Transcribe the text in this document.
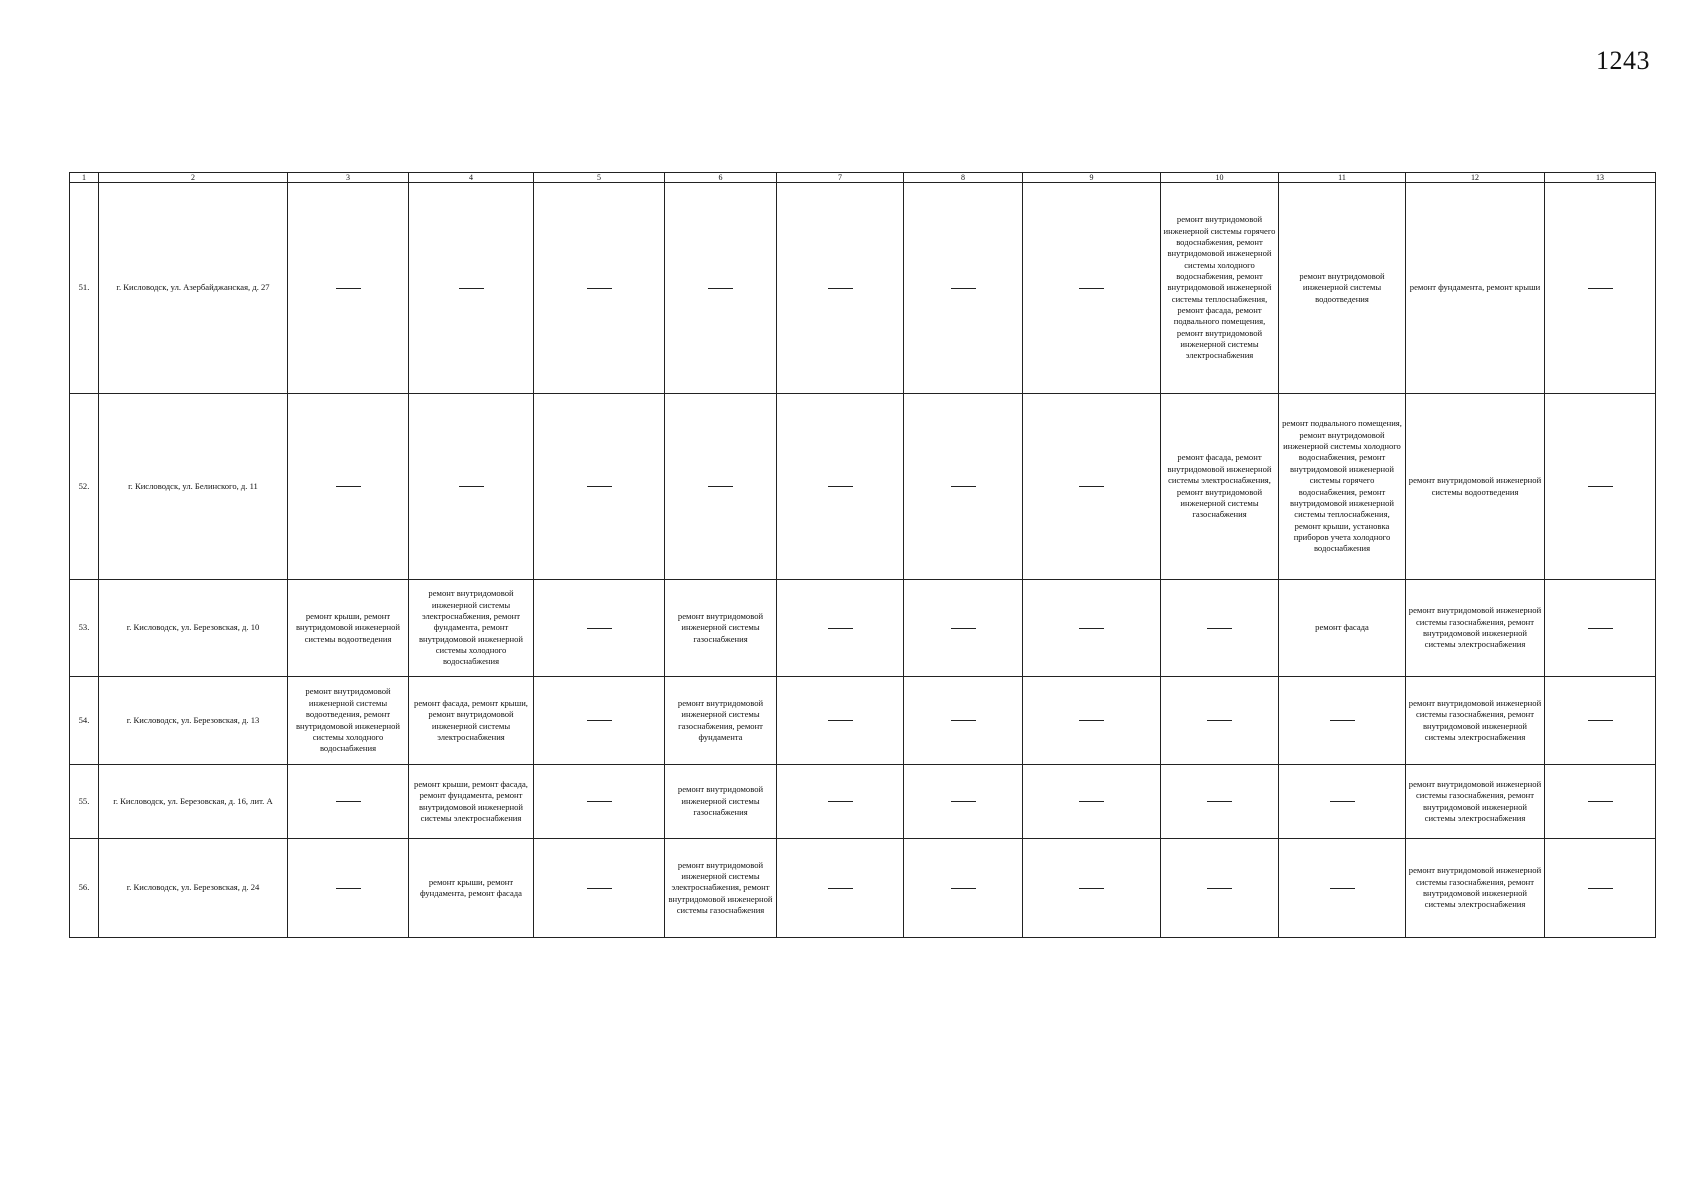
1243
1	2	3	4	5	6	7	8	9	10	11	12	13
51.	г. Кисловодск, ул. Азербайджанская, д. 27								ремонт внутридомовой инженерной системы горячего водоснабжения, ремонт внутридомовой инженерной системы холодного водоснабжения, ремонт внутридомовой инженерной системы теплоснабжения, ремонт фасада, ремонт подвального помещения, ремонт внутридомовой инженерной системы электроснабжения	ремонт внутридомовой инженерной системы водоотведения	ремонт фундамента, ремонт крыши	
52.	г. Кисловодск, ул. Белинского, д. 11								ремонт фасада, ремонт внутридомовой инженерной системы электроснабжения, ремонт внутридомовой инженерной системы газоснабжения	ремонт подвального помещения, ремонт внутридомовой инженерной системы холодного водоснабжения, ремонт внутридомовой инженерной системы горячего водоснабжения, ремонт внутридомовой инженерной системы теплоснабжения, ремонт крыши, установка приборов учета холодного водоснабжения	ремонт внутридомовой инженерной системы водоотведения	
53.	г. Кисловодск, ул. Березовская, д. 10	ремонт крыши, ремонт внутридомовой инженерной системы водоотведения	ремонт внутридомовой инженерной системы электроснабжения, ремонт фундамента, ремонт внутридомовой инженерной системы холодного водоснабжения		ремонт внутридомовой инженерной системы газоснабжения					ремонт фасада	ремонт внутридомовой инженерной системы газоснабжения, ремонт внутридомовой инженерной системы электроснабжения	
54.	г. Кисловодск, ул. Березовская, д. 13	ремонт внутридомовой инженерной системы водоотведения, ремонт внутридомовой инженерной системы холодного водоснабжения	ремонт фасада, ремонт крыши, ремонт внутридомовой инженерной системы электроснабжения		ремонт внутридомовой инженерной системы газоснабжения, ремонт фундамента						ремонт внутридомовой инженерной системы газоснабжения, ремонт внутридомовой инженерной системы электроснабжения	
55.	г. Кисловодск, ул. Березовская, д. 16, лит. А		ремонт крыши, ремонт фасада, ремонт фундамента, ремонт внутридомовой инженерной системы электроснабжения		ремонт внутридомовой инженерной системы газоснабжения						ремонт внутридомовой инженерной системы газоснабжения, ремонт внутридомовой инженерной системы электроснабжения	
56.	г. Кисловодск, ул. Березовская, д. 24		ремонт крыши, ремонт фундамента, ремонт фасада		ремонт внутридомовой инженерной системы электроснабжения, ремонт внутридомовой инженерной системы газоснабжения						ремонт внутридомовой инженерной системы газоснабжения, ремонт внутридомовой инженерной системы электроснабжения	
